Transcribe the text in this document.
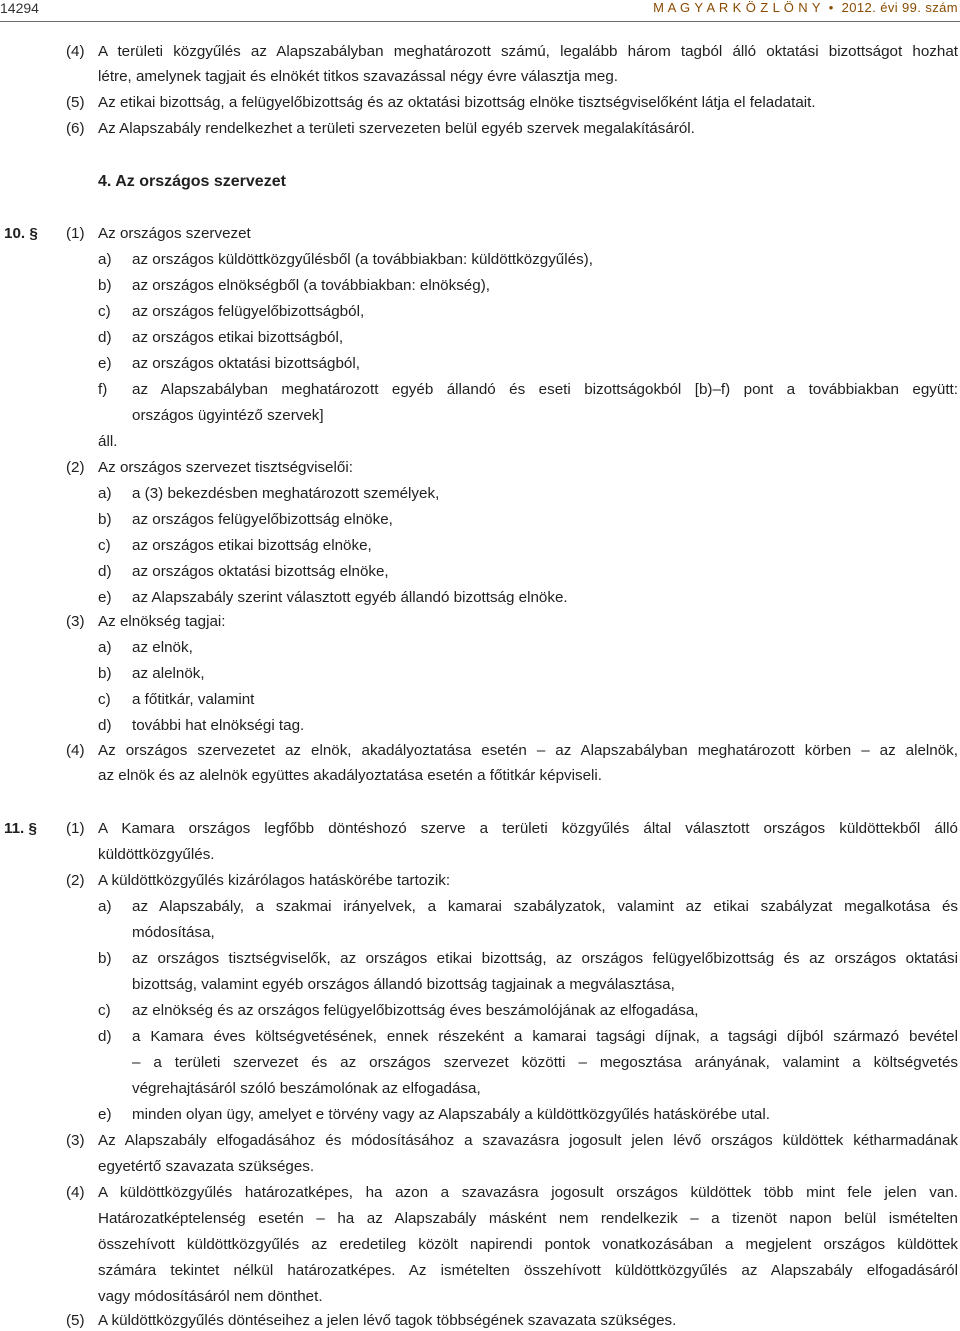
14294	M A G Y A R K Ö Z L Ö N Y • 2012. évi 99. szám
(4) A területi közgyűlés az Alapszabályban meghatározott számú, legalább három tagból álló oktatási bizottságot hozhat
létre, amelynek tagjait és elnökét titkos szavazással négy évre választja meg.
(5) Az etikai bizottság, a felügyelőbizottság és az oktatási bizottság elnöke tisztségviselőként látja el feladatait.
(6) Az Alapszabály rendelkezhet a területi szervezeten belül egyéb szervek megalakításáról.
4. Az országos szervezet
10. § (1) Az országos szervezet
a) az országos küldöttközgyűlésből (a továbbiakban: küldöttközgyűlés),
b) az országos elnökségből (a továbbiakban: elnökség),
c) az országos felügyelőbizottságból,
d) az országos etikai bizottságból,
e) az országos oktatási bizottságból,
f) az Alapszabályban meghatározott egyéb állandó és eseti bizottságokból [b)–f) pont a továbbiakban együtt:
országos ügyintéző szervek]
áll.
(2) Az országos szervezet tisztségviselői:
a) a (3) bekezdésben meghatározott személyek,
b) az országos felügyelőbizottság elnöke,
c) az országos etikai bizottság elnöke,
d) az országos oktatási bizottság elnöke,
e) az Alapszabály szerint választott egyéb állandó bizottság elnöke.
(3) Az elnökség tagjai:
a) az elnök,
b) az alelnök,
c) a főtitkár, valamint
d) további hat elnökségi tag.
(4) Az országos szervezetet az elnök, akadályoztatása esetén – az Alapszabályban meghatározott körben – az alelnök,
az elnök és az alelnök együttes akadályoztatása esetén a főtitkár képviseli.
11. § (1) A Kamara országos legfőbb döntéshozó szerve a területi közgyűlés által választott országos küldöttekből álló
küldöttközgyűlés.
(2) A küldöttközgyűlés kizárólagos hatáskörébe tartozik:
a) az Alapszabály, a szakmai irányelvek, a kamarai szabályzatok, valamint az etikai szabályzat megalkotása és
módosítása,
b) az országos tisztségviselők, az országos etikai bizottság, az országos felügyelőbizottság és az országos oktatási
bizottság, valamint egyéb országos állandó bizottság tagjainak a megválasztása,
c) az elnökség és az országos felügyelőbizottság éves beszámolójának az elfogadása,
d) a Kamara éves költségvetésének, ennek részeként a kamarai tagsági díjnak, a tagsági díjból származó bevétel
– a területi szervezet és az országos szervezet közötti – megosztása arányának, valamint a költségvetés
végrehajtásáról szóló beszámolónak az elfogadása,
e) minden olyan ügy, amelyet e törvény vagy az Alapszabály a küldöttközgyűlés hatáskörébe utal.
(3) Az Alapszabály elfogadásához és módosításához a szavazásra jogosult jelen lévő országos küldöttek kétharmadának
egyetértő szavazata szükséges.
(4) A küldöttközgyűlés határozatképes, ha azon a szavazásra jogosult országos küldöttek több mint fele jelen van.
Határozatképtelenség esetén – ha az Alapszabály másként nem rendelkezik – a tizenöt napon belül ismételten
összehívott küldöttközgyűlés az eredetileg közölt napirendi pontok vonatkozásában a megjelent országos küldöttek
számára tekintet nélkül határozatképes. Az ismételten összehívott küldöttközgyűlés az Alapszabály elfogadásáról
vagy módosításáról nem dönthet.
(5) A küldöttközgyűlés döntéseihez a jelen lévő tagok többségének szavazata szükséges.
